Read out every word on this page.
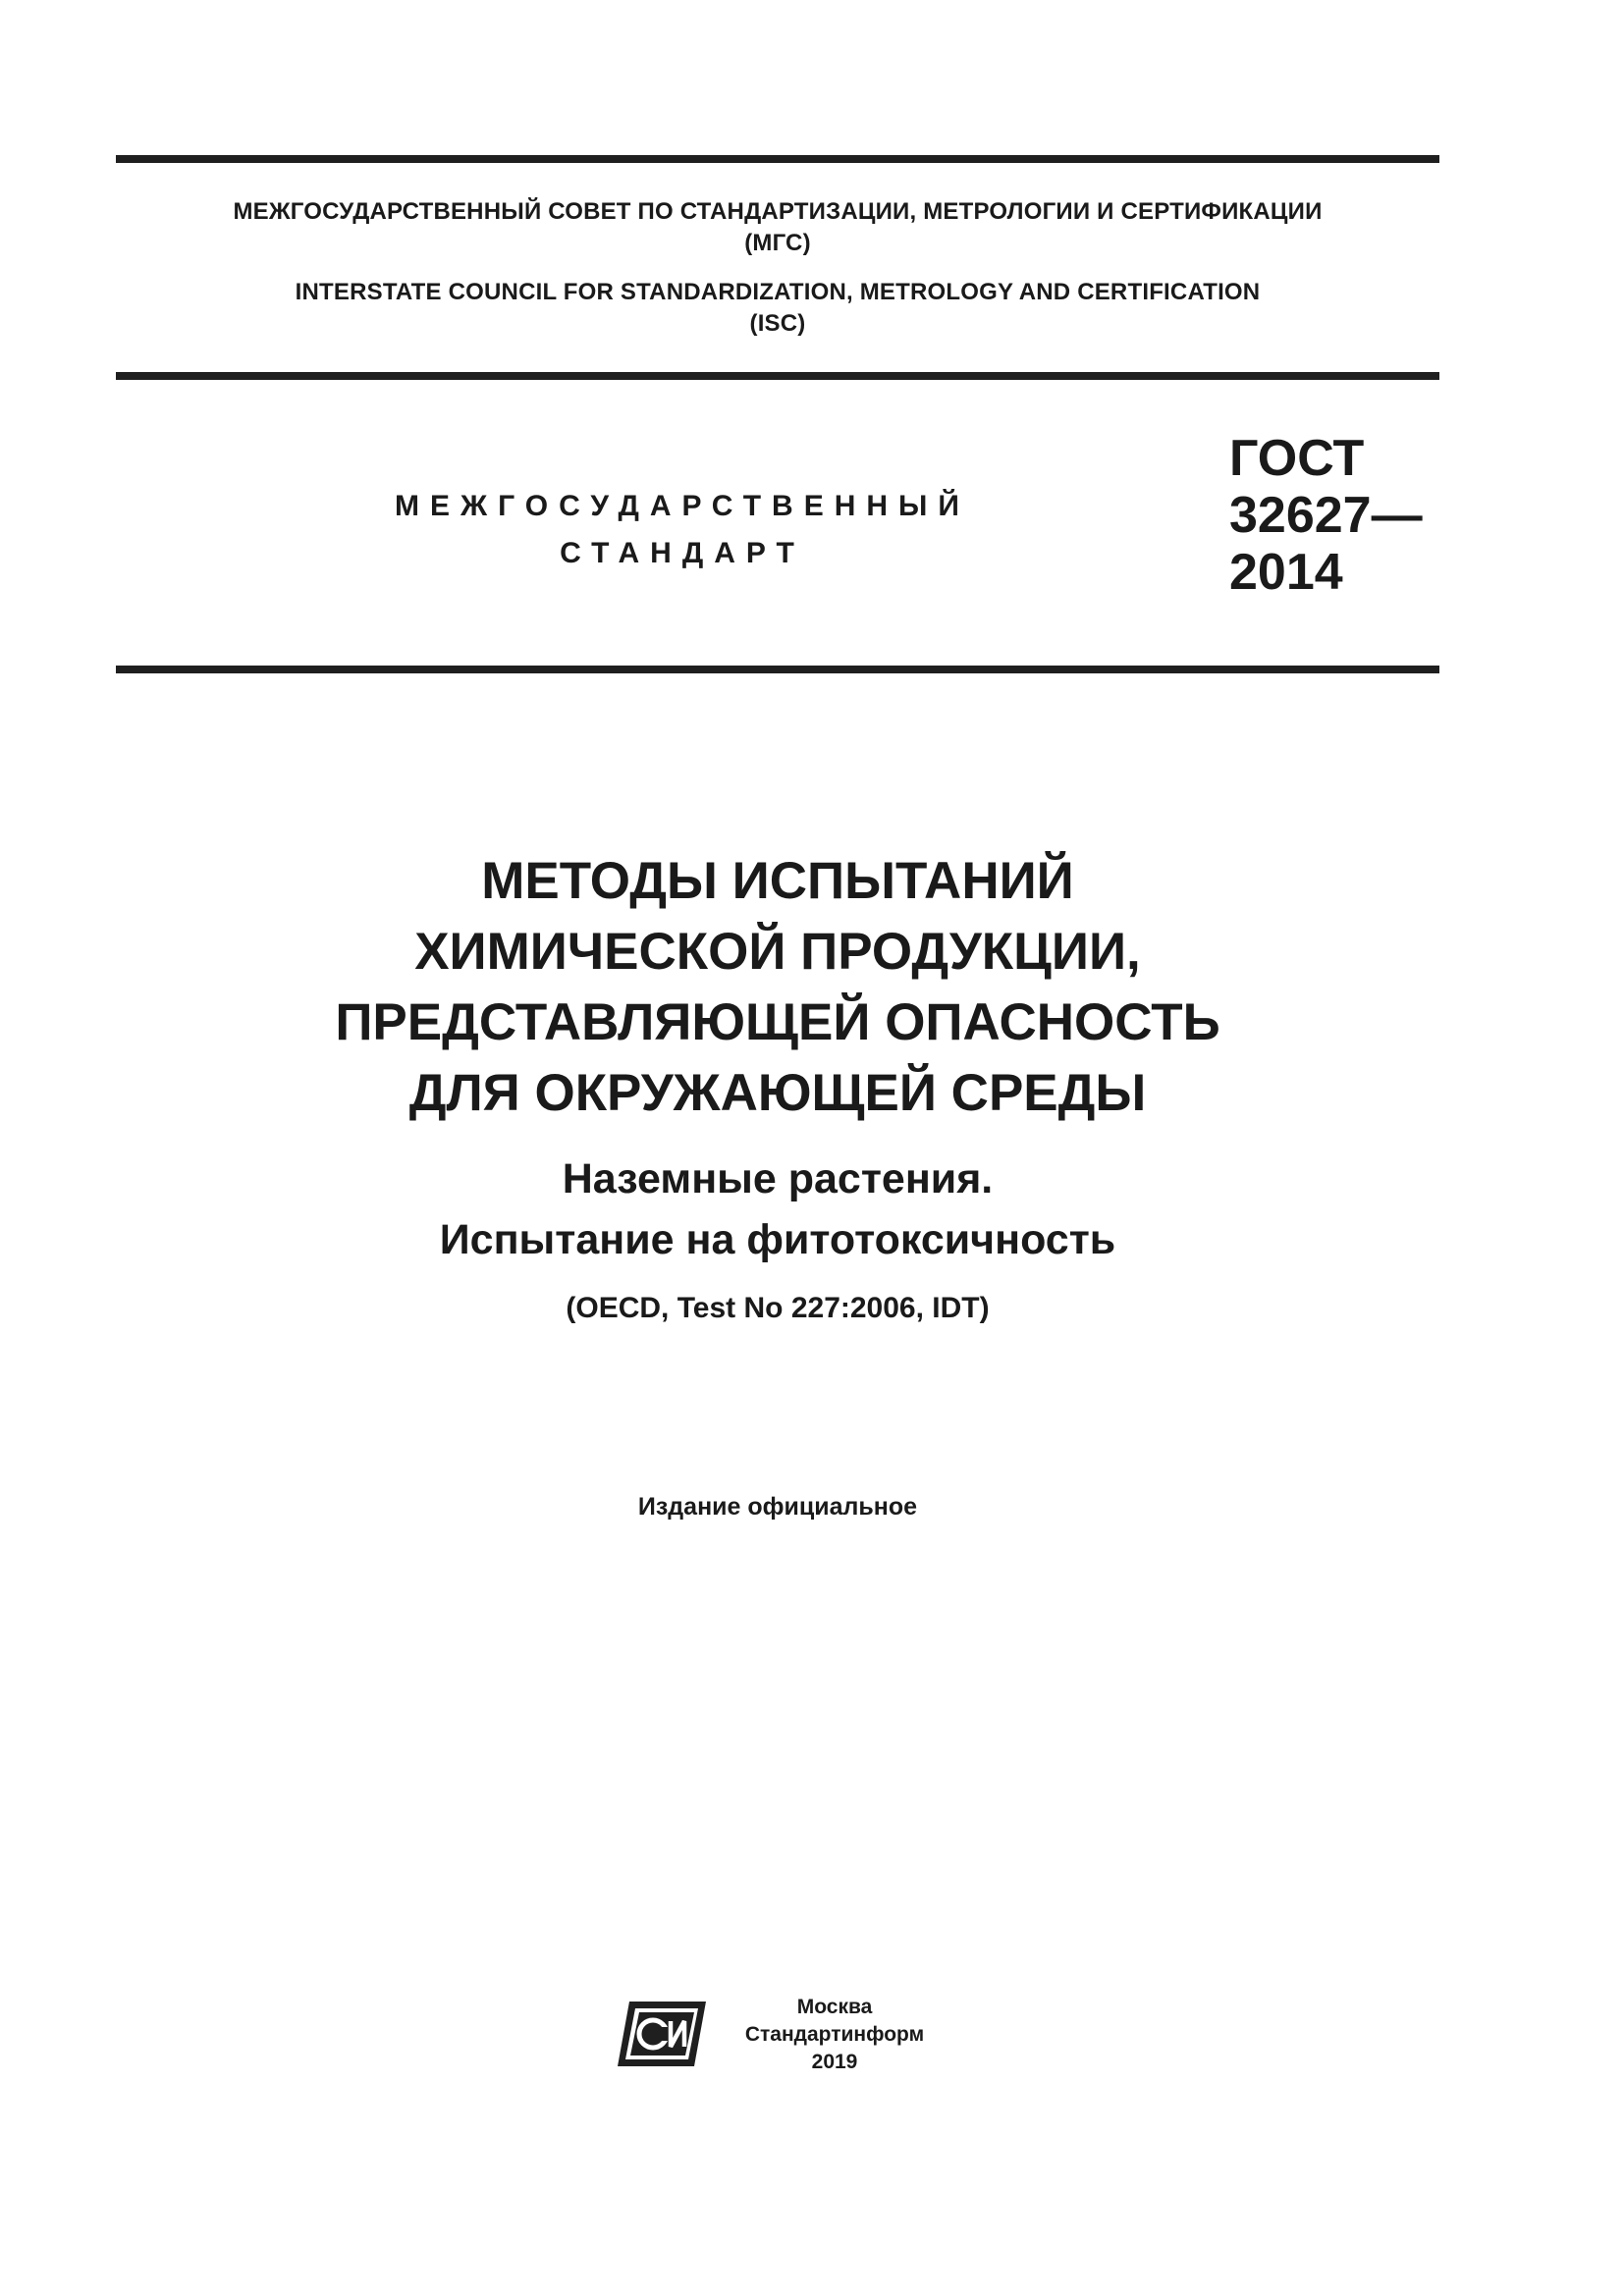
МЕЖГОСУДАРСТВЕННЫЙ СОВЕТ ПО СТАНДАРТИЗАЦИИ, МЕТРОЛОГИИ И СЕРТИФИКАЦИИ
(МГС)
INTERSTATE COUNCIL FOR STANDARDIZATION, METROLOGY AND CERTIFICATION
(ISC)
МЕЖГОСУДАРСТВЕННЫЙ
СТАНДАРТ
ГОСТ
32627—
2014
МЕТОДЫ ИСПЫТАНИЙ
ХИМИЧЕСКОЙ ПРОДУКЦИИ,
ПРЕДСТАВЛЯЮЩЕЙ ОПАСНОСТЬ
ДЛЯ ОКРУЖАЮЩЕЙ СРЕДЫ
Наземные растения.
Испытание на фитотоксичность
(OECD, Test No 227:2006, IDT)
Издание официальное
Москва
Стандартинформ
2019
